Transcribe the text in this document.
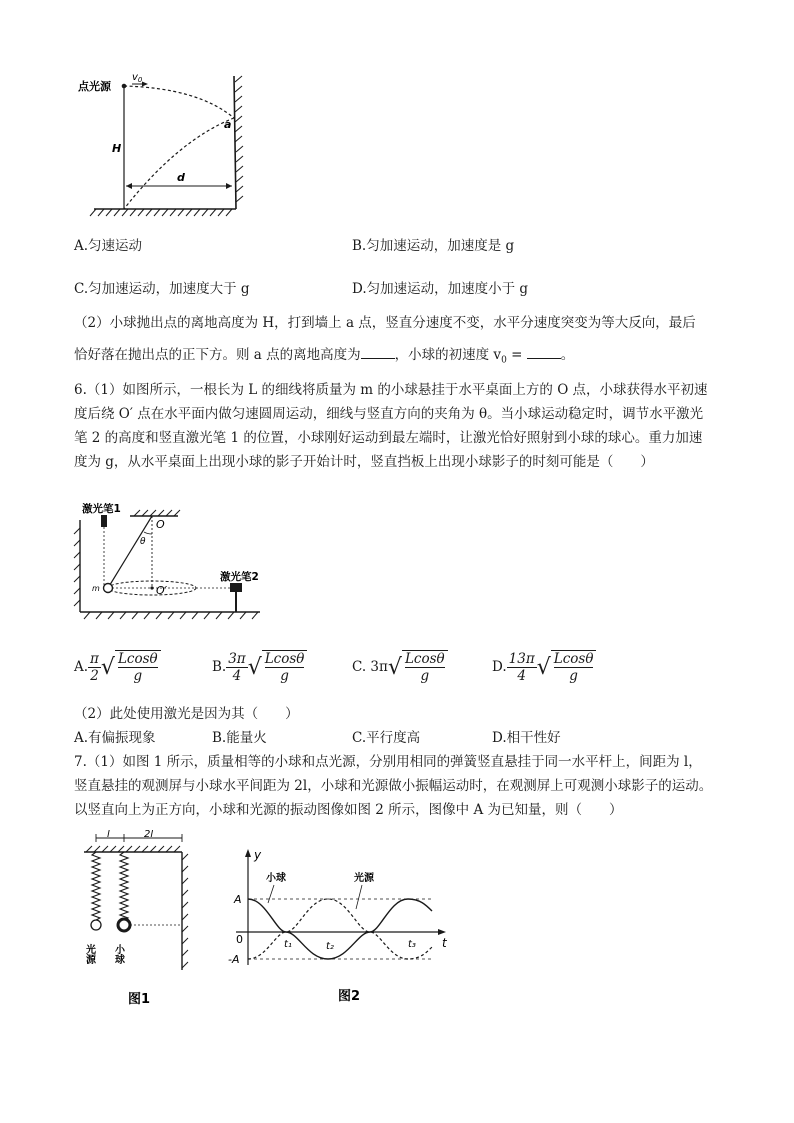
点光源
$v_0$
H
a
d
A.匀速运动	B.匀加速运动，加速度是 g
C.匀加速运动，加速度大于 g	D.匀加速运动，加速度小于 g
（2）小球抛出点的离地高度为 H，打到墙上 a 点，竖直分速度不变，水平分速度突变为等大反向，最后
恰好落在抛出点的正下方。则 a 点的离地高度为	，小球的初速度 $v_0$ =	。
6.（1）如图所示，一根长为 L 的细线将质量为 m 的小球悬挂于水平桌面上方的 O 点，小球获得水平初速
度后绕 O′ 点在水平面内做匀速圆周运动，细线与竖直方向的夹角为 θ。当小球运动稳定时，调节水平激光
笔 2 的高度和竖直激光笔 1 的位置，小球刚好运动到最左端时，让激光恰好照射到小球的球心。重力加速
度为 g，从水平桌面上出现小球的影子开始计时，竖直挡板上出现小球影子的时刻可能是（　　）
激光笔1
激光笔2
O
O′
θ
m
A. $\frac{\pi}{2}$ √ $\frac{Lcos\theta}{g}$	B. $\frac{3\pi}{4}$ √ $\frac{Lcos\theta}{g}$	C. 3π √ $\frac{Lcos\theta}{g}$	D. $\frac{13\pi}{4}$ √ $\frac{Lcos\theta}{g}$
（2）此处使用激光是因为其（　　）
A.有偏振现象	B.能量火	C.平行度高	D.相干性好
7.（1）如图 1 所示，质量相等的小球和点光源，分别用相同的弹簧竖直悬挂于同一水平杆上，间距为 l，
竖直悬挂的观测屏与小球水平间距为 2l，小球和光源做小振幅运动时，在观测屏上可观测小球影子的运动。
以竖直向上为正方向，小球和光源的振动图像如图 2 所示，图像中 A 为已知量，则（　　）
l	2l
光源 小球
图1
y
t
A
-A
0
小球	光源
t₁	t₂	t₃
图2
